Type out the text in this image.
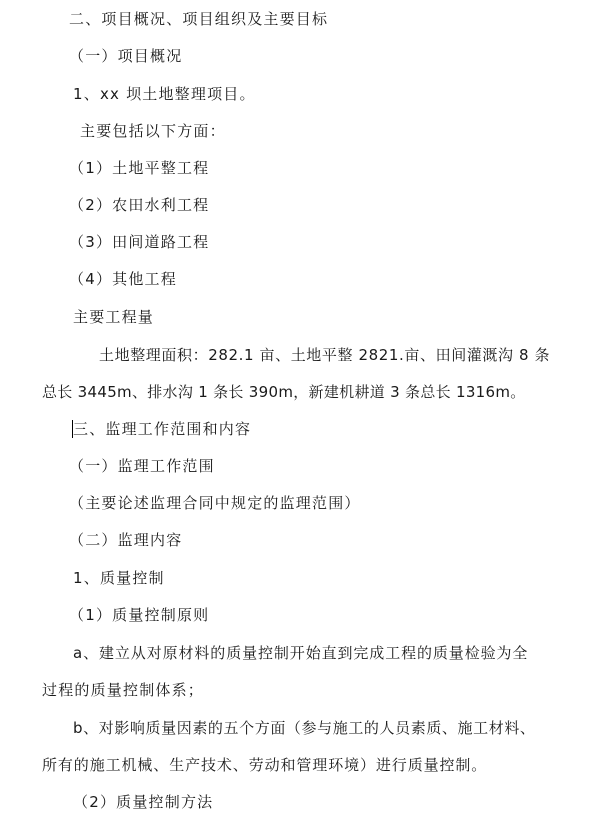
二、项目概况、项目组织及主要目标
（一）项目概况
1、xx 坝土地整理项目。
主要包括以下方面：
（1）土地平整工程
（2）农田水利工程
（3）田间道路工程
（4）其他工程
主要工程量
土地整理面积：282.1 亩、土地平整 2821.亩、田间灌溉沟 8 条
总长 3445m、排水沟 1 条长 390m，新建机耕道 3 条总长 1316m。
三、监理工作范围和内容
（一）监理工作范围
（主要论述监理合同中规定的监理范围）
（二）监理内容
1、质量控制
（1）质量控制原则
a、建立从对原材料的质量控制开始直到完成工程的质量检验为全
过程的质量控制体系；
b、对影响质量因素的五个方面（参与施工的人员素质、施工材料、
所有的施工机械、生产技术、劳动和管理环境）进行质量控制。
（2）质量控制方法
